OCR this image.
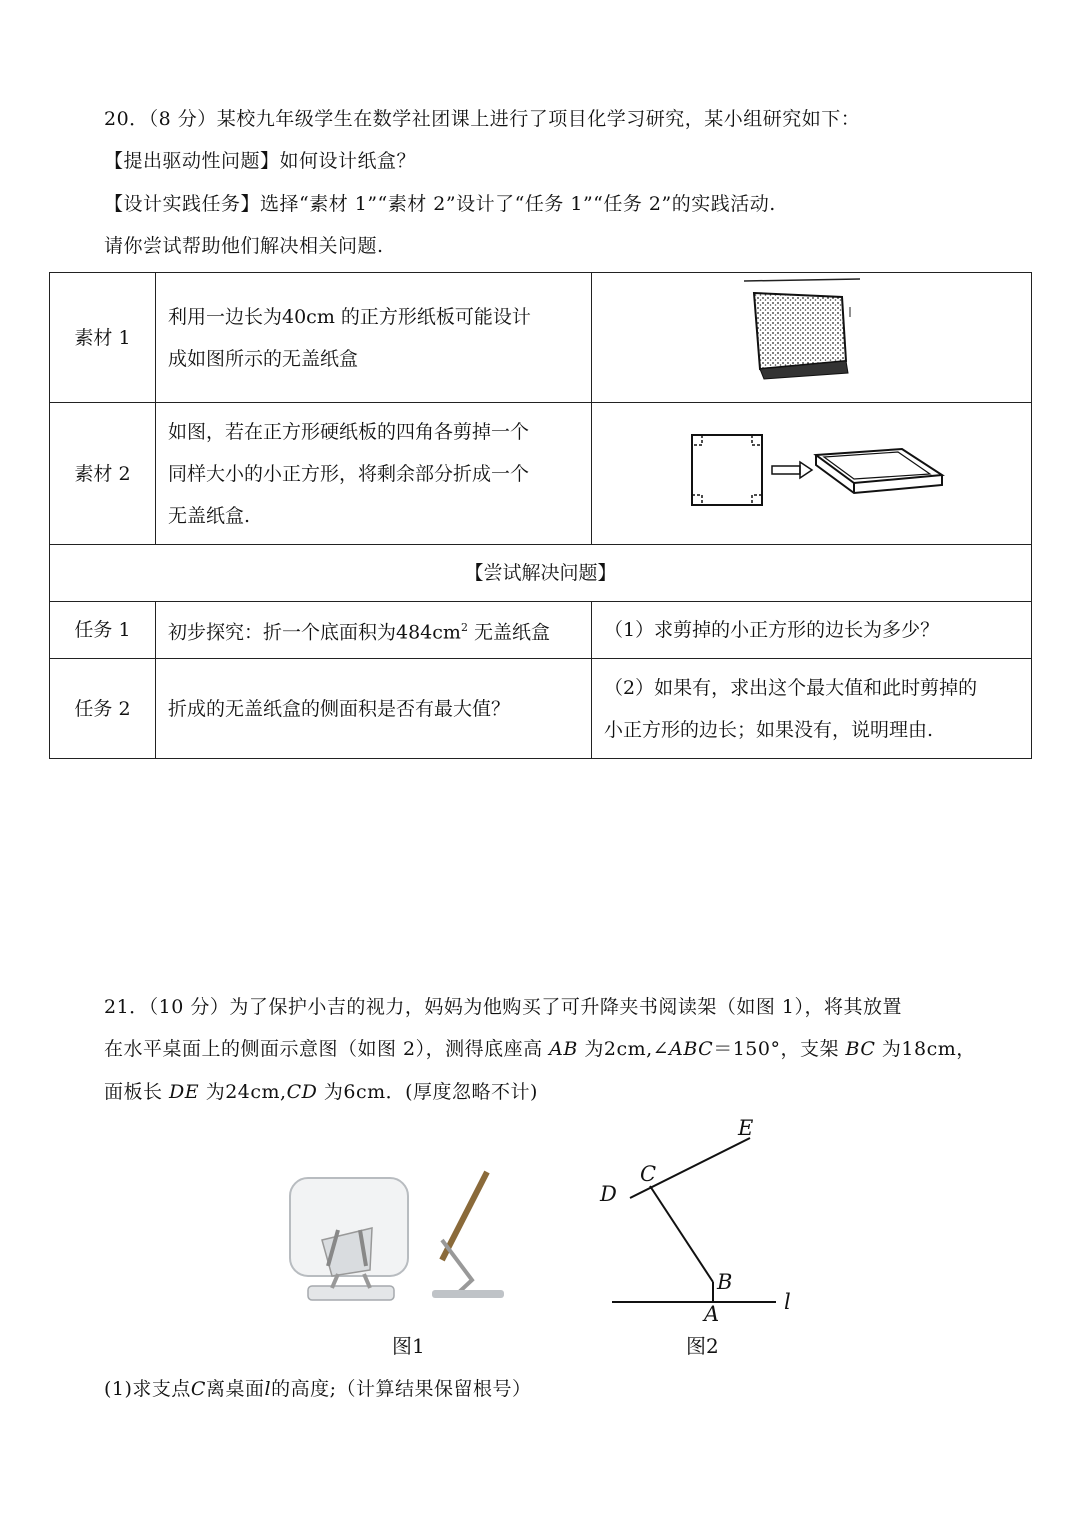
20．（8 分）某校九年级学生在数学社团课上进行了项目化学习研究，某小组研究如下：
【提出驱动性问题】如何设计纸盒？
【设计实践任务】选择“素材 1”“素材 2”设计了“任务 1”“任务 2”的实践活动.
请你尝试帮助他们解决相关问题.
素材 1	利用一边长为40cm 的正方形纸板可能设计
成如图所示的无盖纸盒

素材 2	如图，若在正方形硬纸板的四角各剪掉一个
同样大小的小正方形，将剩余部分折成一个
无盖纸盒.

【尝试解决问题】		
任务 1	初步探究：折一个底面积为$484cm^2$ 无盖纸盒	（1）求剪掉的小正方形的边长为多少？
任务 2	折成的无盖纸盒的侧面积是否有最大值？	（2）如果有，求出这个最大值和此时剪掉的
小正方形的边长；如果没有，说明理由.
21．（10 分）为了保护小吉的视力，妈妈为他购买了可升降夹书阅读架（如图 1），将其放置
在水平桌面上的侧面示意图（如图 2），测得底座高 AB 为2cm,∠ABC＝150°，支架 BC 为18cm，
面板长 DE 为24cm,CD 为6cm．(厚度忽略不计)
E
C
D
B
A	l
图1	图2
(1)求支点C离桌面l的高度;（计算结果保留根号）
